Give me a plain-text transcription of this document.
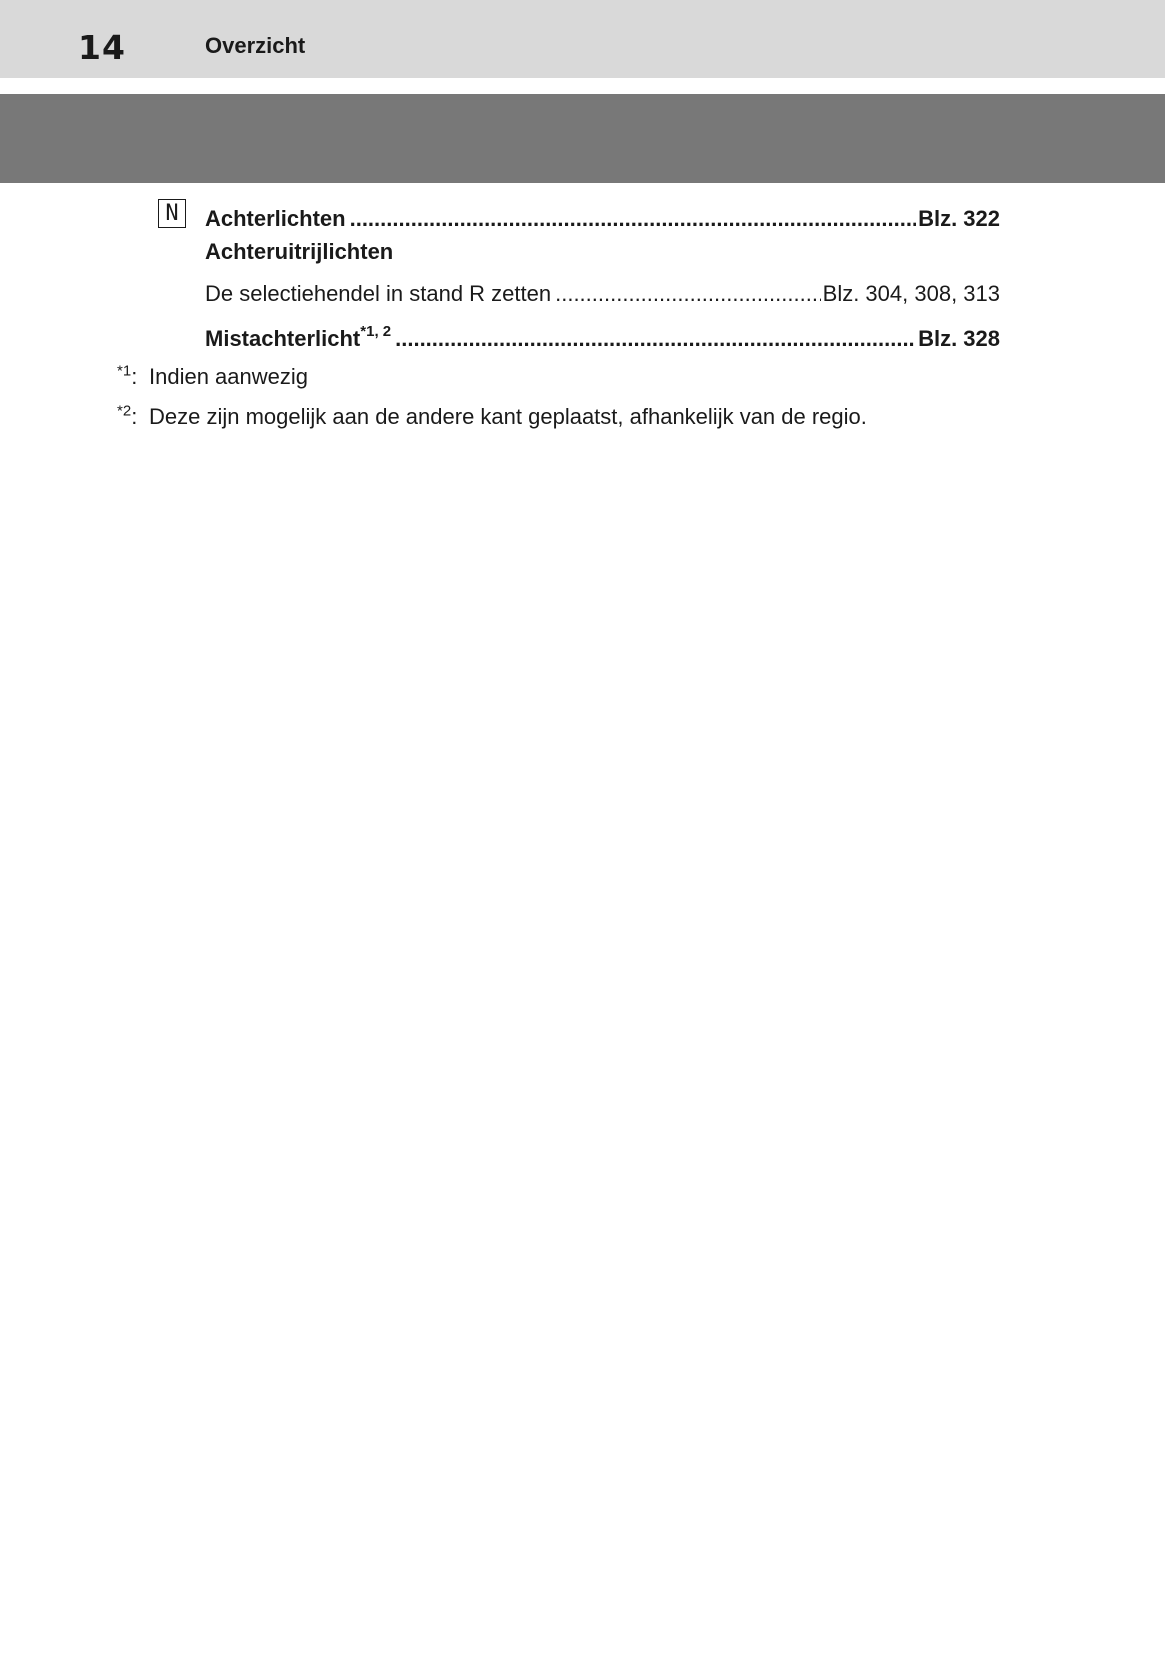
14	Overzicht
N Achterlichten .....	Blz. 322
Achteruitrijlichten
De selectiehendel in stand R zetten .....	Blz. 304, 308, 313
Mistachterlicht$^{*1, 2}$ .....	Blz. 328
$^{*1}$: Indien aanwezig
$^{*2}$: Deze zijn mogelijk aan de andere kant geplaatst, afhankelijk van de regio.
